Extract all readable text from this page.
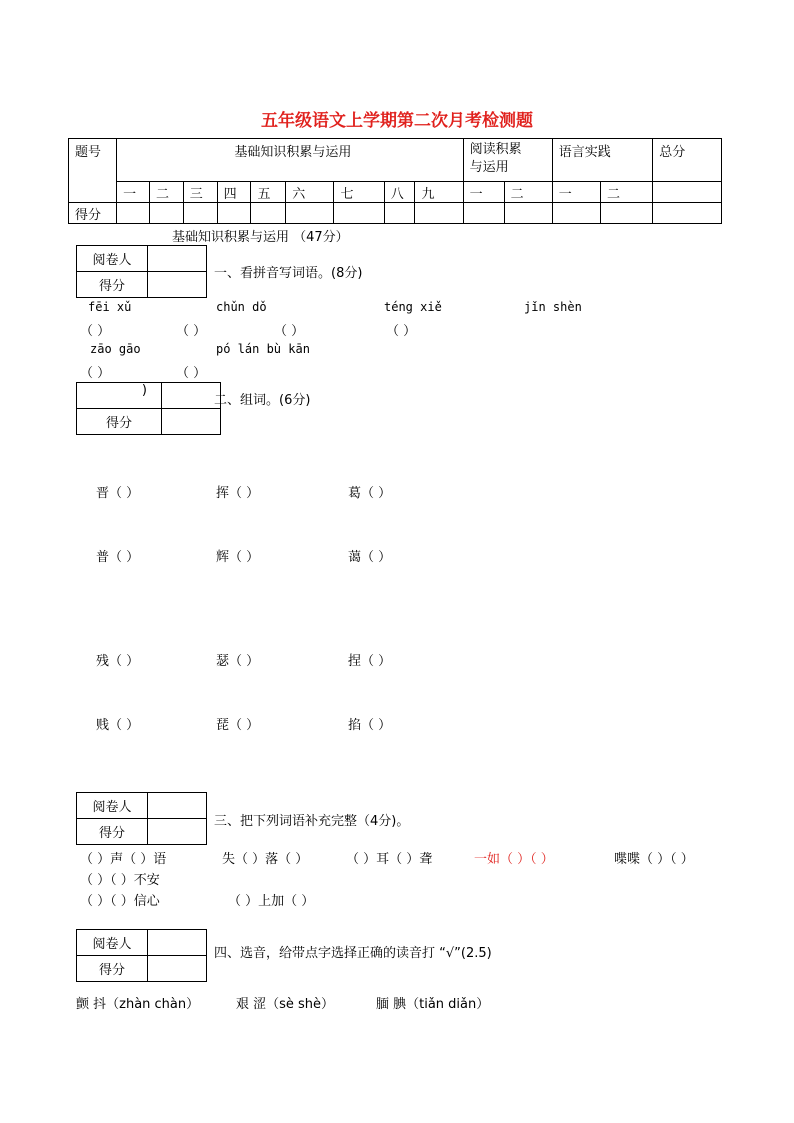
五年级语文上学期第二次月考检测题
题号	基础知识积累与运用									阅读积累
与运用		语言实践		总分
	一	二	三	四	五	六	七	八	九	一	二	一	二	
得分														
基础知识积累与运用 （47分）
阅卷人	
得分	
一、看拼音写词语。(8分)
fēi xǔ	chǔn dǒ	téng xiě	jǐn shèn
（ ）	（ ）	（ ）	（ ）
zāo gāo	pó lán bù kān
（ ）	（ ）
)	
得分	
二、组词。(6分)
晋（ ）	挥（ ）	葛（ ）
普（ ）	辉（ ）	蔼（ ）
残（ ）	瑟（ ）	捏（ ）
贱（ ）	琵（ ）	掐（ ）
阅卷人	
得分	
三、把下列词语补充完整（4分)。
（ ）声（ ）语	失（ ）落（ ）	（ ）耳（ ）聋	一如（ ）（ ）	喋喋（ ）（ ）
（ ）（ ）不安
（ ）（ ）信心	（ ）上加（ ）
阅卷人	
得分	
四、选音，给带点字选择正确的读音打 “√”(2.5)
颤 抖（zhàn chàn）	艰 涩（sè shè）	腼 腆（tiǎn diǎn）
